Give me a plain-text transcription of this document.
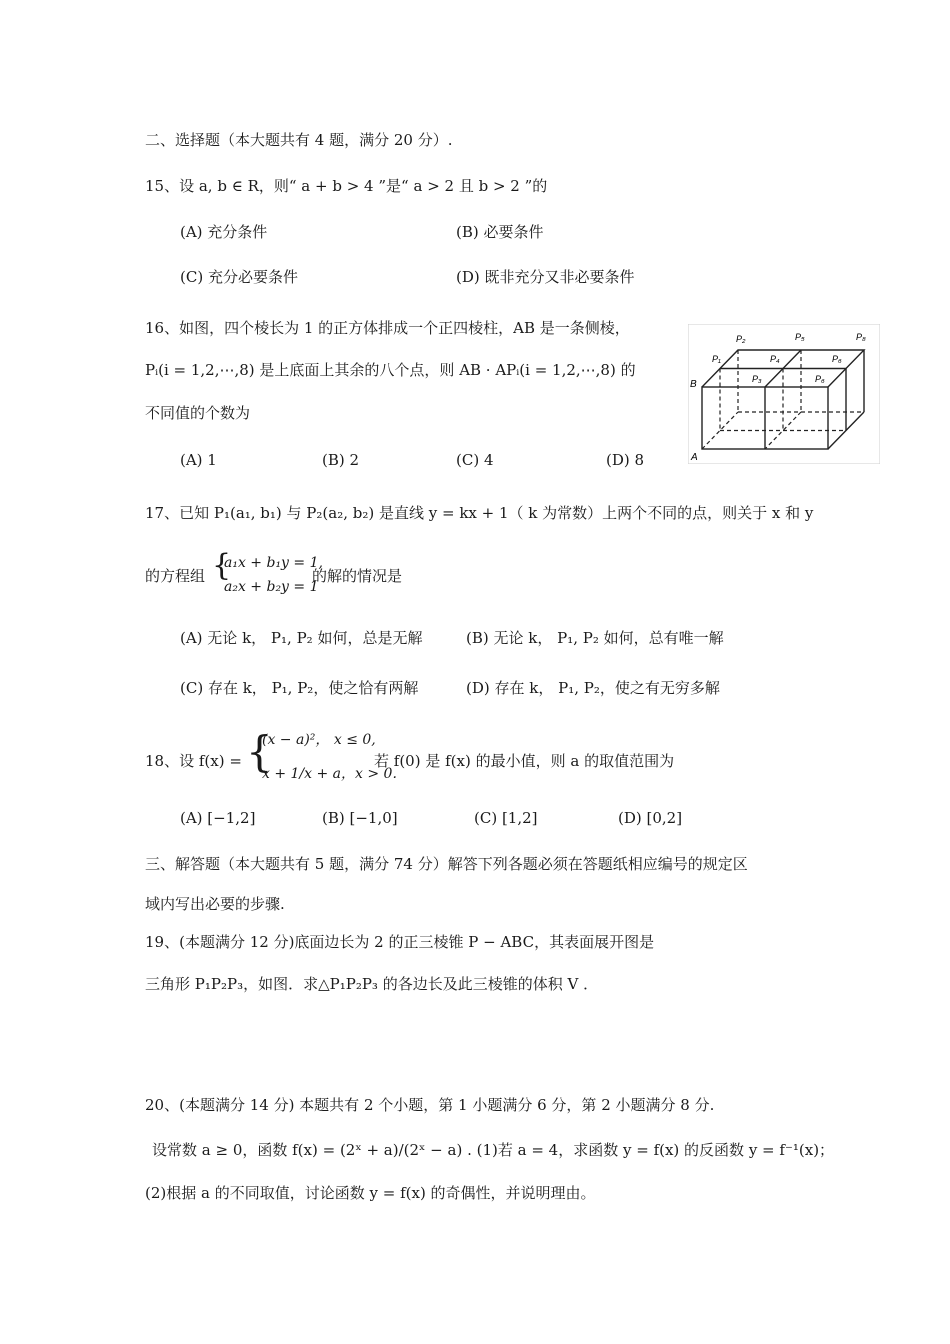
二、选择题（本大题共有 4 题，满分 20 分）.
15、设 a, b ∈ R，则“ a + b > 4 ”是“ a > 2 且 b > 2 ”的
(A) 充分条件	(B) 必要条件
(C) 充分必要条件	(D) 既非充分又非必要条件
16、如图，四个棱长为 1 的正方体排成一个正四棱柱，AB 是一条侧棱，
Pᵢ(i = 1,2,⋯,8) 是上底面上其余的八个点，则 AB · APᵢ(i = 1,2,⋯,8) 的
不同值的个数为
(A) 1	(B) 2	(C) 4	(D) 8
P₂	P₅	P₈
P₁	P₄	P₆
P₃	P₆
B
A
17、已知 P₁(a₁, b₁) 与 P₂(a₂, b₂) 是直线 y = kx + 1（ k 为常数）上两个不同的点，则关于 x 和 y
的方程组 {
a₁x + b₁y = 1,
a₂x + b₂y = 1
的解的情况是
(A) 无论 k， P₁, P₂ 如何，总是无解	(B) 无论 k， P₁, P₂ 如何，总有唯一解
(C) 存在 k， P₁, P₂，使之恰有两解	(D) 存在 k， P₁, P₂，使之有无穷多解
18、设 f(x) = {
(x − a)²， x ≤ 0,
x + 1/x + a，x > 0.
若 f(0) 是 f(x) 的最小值，则 a 的取值范围为
(A) [−1,2]	(B) [−1,0]	(C) [1,2]	(D) [0,2]
三、解答题（本大题共有 5 题，满分 74 分）解答下列各题必须在答题纸相应编号的规定区
域内写出必要的步骤.
19、(本题满分 12 分)底面边长为 2 的正三棱锥 P − ABC，其表面展开图是
三角形 P₁P₂P₃，如图．求△P₁P₂P₃ 的各边长及此三棱锥的体积 V ．
20、(本题满分 14 分) 本题共有 2 个小题，第 1 小题满分 6 分，第 2 小题满分 8 分.
设常数 a ≥ 0，函数 f(x) = (2ˣ + a)/(2ˣ − a) . (1)若 a = 4，求函数 y = f(x) 的反函数 y = f⁻¹(x)；
(2)根据 a 的不同取值，讨论函数 y = f(x) 的奇偶性，并说明理由。
